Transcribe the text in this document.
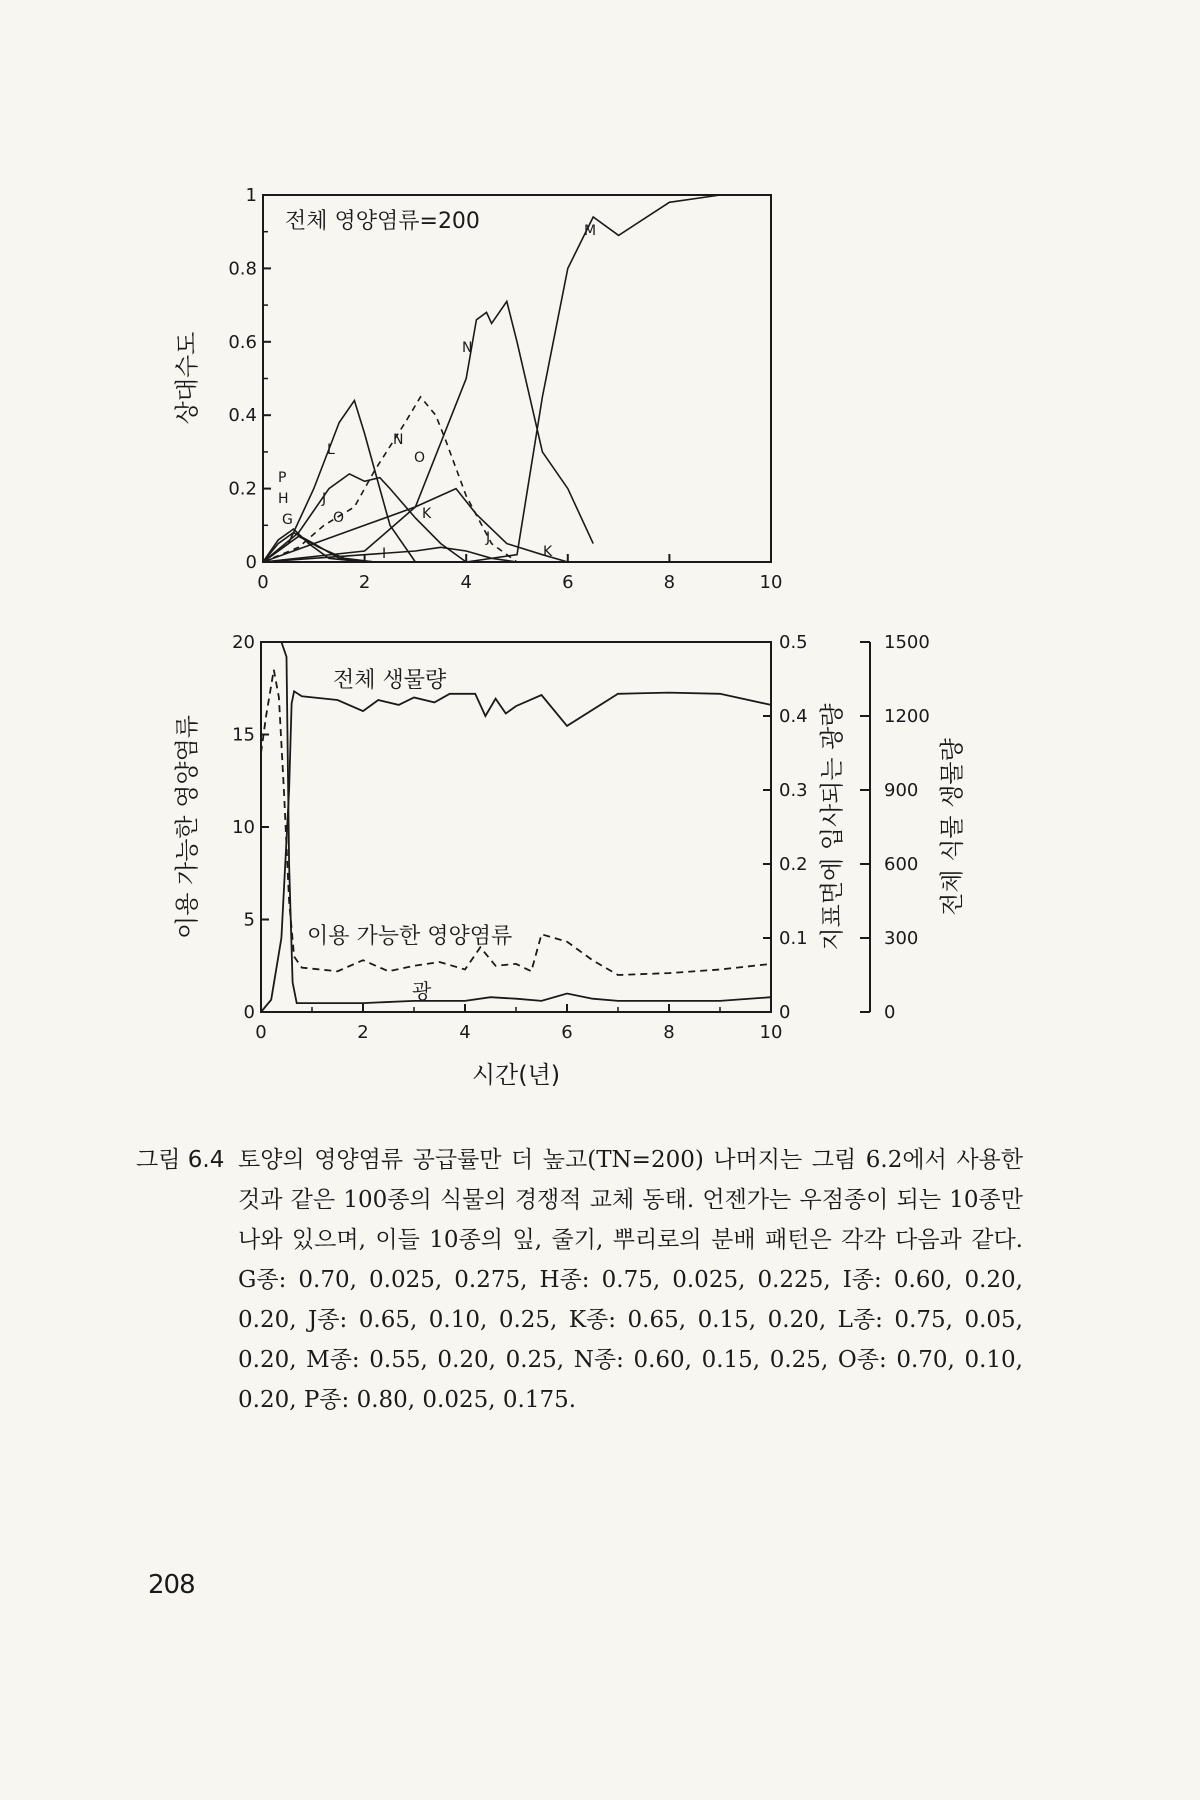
0	2	4	6	8	10
0
0.2
0.4
0.6
0.8
1
전체 영양염류=200
상대수도
M
N
N
L	O
J
J
K
K
P
H
G	O
I
0	2	4	6	8	10
0
5
10
15
20
0
0.1
0.2
0.3
0.4
0.5
0
300
600
900
1200
1500
전체 생물량
이용 가능한 영양염류
광
시간(년)
이용 가능한 영양염류	지표면에 입사되는 광량	전체 식물 생물량
그림 6.4 토양의 영양염류 공급률만 더 높고(TN=200) 나머지는 그림 6.2에서 사용한 것과 같은 100종의 식물의 경쟁적 교체 동태. 언젠가는 우점종이 되는 10종만 나와 있으며, 이들 10종의 잎, 줄기, 뿌리로의 분배 패턴은 각각 다음과 같다. G종: 0.70, 0.025, 0.275, H종: 0.75, 0.025, 0.225, I종: 0.60, 0.20, 0.20, J종: 0.65, 0.10, 0.25, K종: 0.65, 0.15, 0.20, L종: 0.75, 0.05, 0.20, M종: 0.55, 0.20, 0.25, N종: 0.60, 0.15, 0.25, O종: 0.70, 0.10, 0.20, P종: 0.80, 0.025, 0.175.
208
